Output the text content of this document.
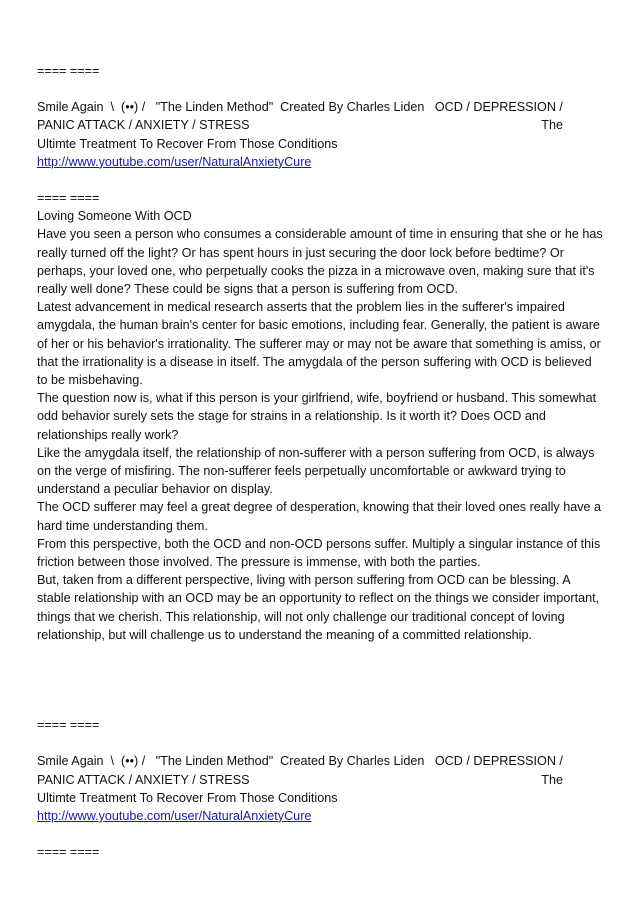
==== ====

Smile Again  \  (••) /   "The Linden Method"  Created By Charles Liden   OCD / DEPRESSION /

PANIC ATTACK / ANXIETY / STRESS	The

Ultimte Treatment To Recover From Those Conditions

http://www.youtube.com/user/NaturalAnxietyCure

==== ====

Loving Someone With OCD

Have you seen a person who consumes a considerable amount of time in ensuring that she or he has really turned off the light? Or has spent hours in just securing the door lock before bedtime? Or perhaps, your loved one, who perpetually cooks the pizza in a microwave oven, making sure that it's really well done? These could be signs that a person is suffering from OCD.

Latest advancement in medical research asserts that the problem lies in the sufferer's impaired amygdala, the human brain's center for basic emotions, including fear. Generally, the patient is aware of her or his behavior's irrationality. The sufferer may or may not be aware that something is amiss, or that the irrationality is a disease in itself. The amygdala of the person suffering with OCD is believed to be misbehaving.

The question now is, what if this person is your girlfriend, wife, boyfriend or husband. This somewhat odd behavior surely sets the stage for strains in a relationship. Is it worth it? Does OCD and relationships really work?

Like the amygdala itself, the relationship of non-sufferer with a person suffering from OCD, is always on the verge of misfiring. The non-sufferer feels perpetually uncomfortable or awkward trying to understand a peculiar behavior on display.

The OCD sufferer may feel a great degree of desperation, knowing that their loved ones really have a hard time understanding them.

From this perspective, both the OCD and non-OCD persons suffer. Multiply a singular instance of this friction between those involved. The pressure is immense, with both the parties.

But, taken from a different perspective, living with person suffering from OCD can be blessing. A stable relationship with an OCD may be an opportunity to reflect on the things we consider important, things that we cherish. This relationship, will not only challenge our traditional concept of loving relationship, but will challenge us to understand the meaning of a committed relationship.

==== ====

Smile Again  \  (••) /   "The Linden Method"  Created By Charles Liden   OCD / DEPRESSION /

PANIC ATTACK / ANXIETY / STRESS	The

Ultimte Treatment To Recover From Those Conditions

http://www.youtube.com/user/NaturalAnxietyCure

==== ====
